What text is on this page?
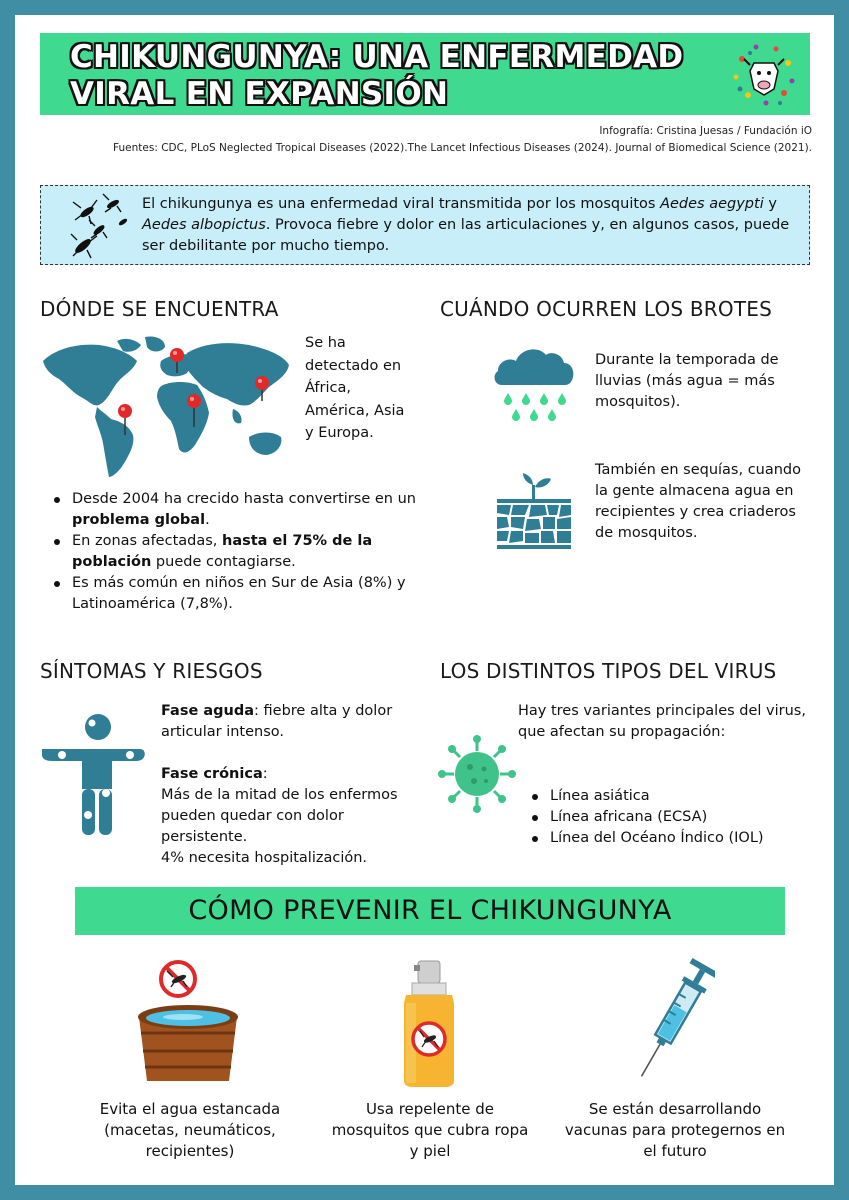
CHIKUNGUNYA: UNA ENFERMEDAD
VIRAL EN EXPANSIÓN
Infografía: Cristina Juesas / Fundación iO
Fuentes: CDC, PLoS Neglected Tropical Diseases (2022).The Lancet Infectious Diseases (2024). Journal of Biomedical Science (2021).
El chikungunya es una enfermedad viral transmitida por los mosquitos Aedes aegypti y Aedes albopictus. Provoca fiebre y dolor en las articulaciones y, en algunos casos, puede ser debilitante por mucho tiempo.
DÓNDE SE ENCUENTRA
Se ha detectado en África, América, Asia y Europa.
Desde 2004 ha crecido hasta convertirse en un problema global.
En zonas afectadas, hasta el 75% de la población puede contagiarse.
Es más común en niños en Sur de Asia (8%) y Latinoamérica (7,8%).
CUÁNDO OCURREN LOS BROTES
Durante la temporada de lluvias (más agua = más mosquitos).
También en sequías, cuando la gente almacena agua en recipientes y crea criaderos de mosquitos.
SÍNTOMAS Y RIESGOS
Fase aguda: fiebre alta y dolor articular intenso.
Fase crónica:
Más de la mitad de los enfermos pueden quedar con dolor persistente.
4% necesita hospitalización.
LOS DISTINTOS TIPOS DEL VIRUS
Hay tres variantes principales del virus, que afectan su propagación:
Línea asiática
Línea africana (ECSA)
Línea del Océano Índico (IOL)
CÓMO PREVENIR EL CHIKUNGUNYA
Evita el agua estancada (macetas, neumáticos, recipientes)
Usa repelente de mosquitos que cubra ropa y piel
Se están desarrollando vacunas para protegernos en el futuro
